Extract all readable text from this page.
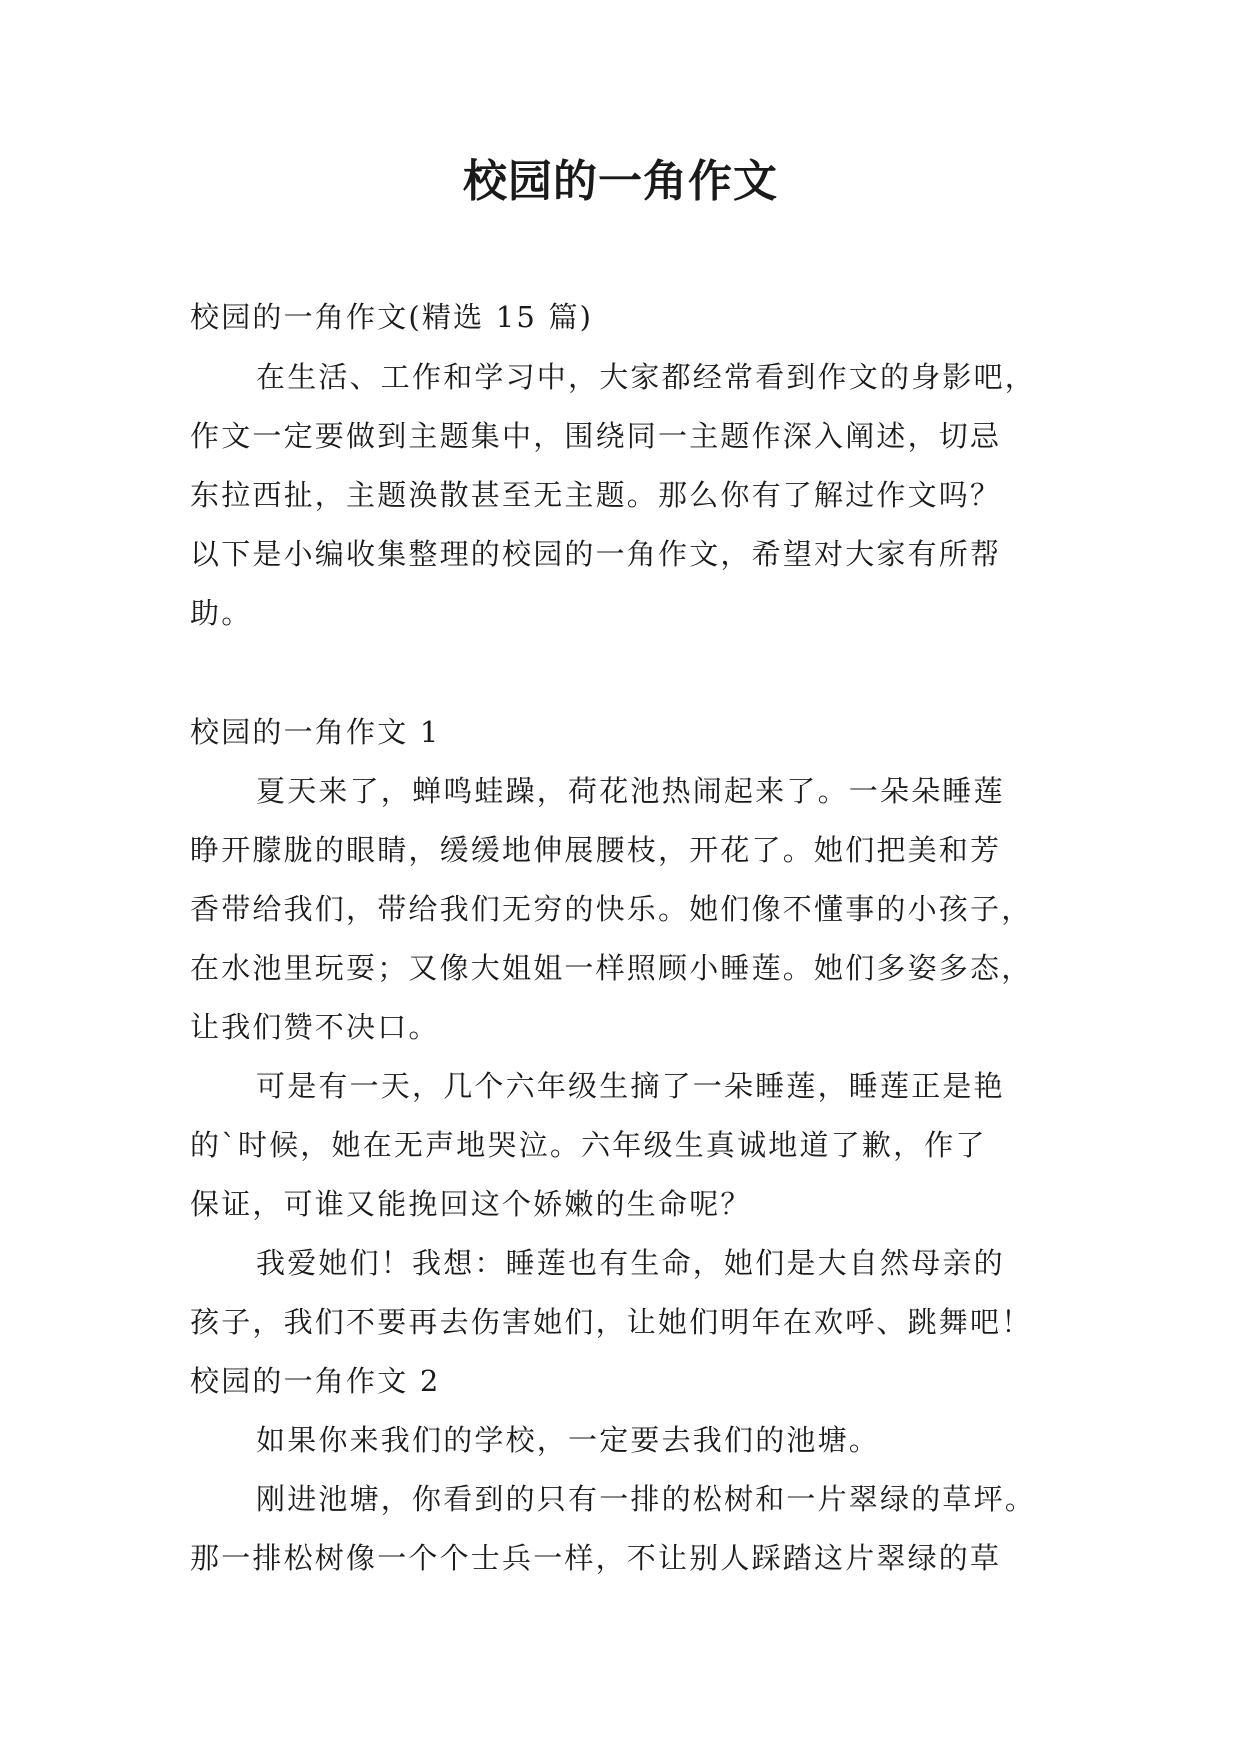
校园的一角作文

校园的一角作文(精选 15 篇)

在生活、工作和学习中，大家都经常看到作文的身影吧，

作文一定要做到主题集中，围绕同一主题作深入阐述，切忌

东拉西扯，主题涣散甚至无主题。那么你有了解过作文吗？

以下是小编收集整理的校园的一角作文，希望对大家有所帮

助。

校园的一角作文 1

夏天来了，蝉鸣蛙躁，荷花池热闹起来了。一朵朵睡莲

睁开朦胧的眼睛，缓缓地伸展腰枝，开花了。她们把美和芳

香带给我们，带给我们无穷的快乐。她们像不懂事的小孩子，

在水池里玩耍；又像大姐姐一样照顾小睡莲。她们多姿多态，

让我们赞不决口。

可是有一天，几个六年级生摘了一朵睡莲，睡莲正是艳

的`时候，她在无声地哭泣。六年级生真诚地道了歉，作了

保证，可谁又能挽回这个娇嫩的生命呢？

我爱她们！我想：睡莲也有生命，她们是大自然母亲的

孩子，我们不要再去伤害她们，让她们明年在欢呼、跳舞吧！

校园的一角作文 2

如果你来我们的学校，一定要去我们的池塘。

刚进池塘，你看到的只有一排的松树和一片翠绿的草坪。

那一排松树像一个个士兵一样，不让别人踩踏这片翠绿的草
